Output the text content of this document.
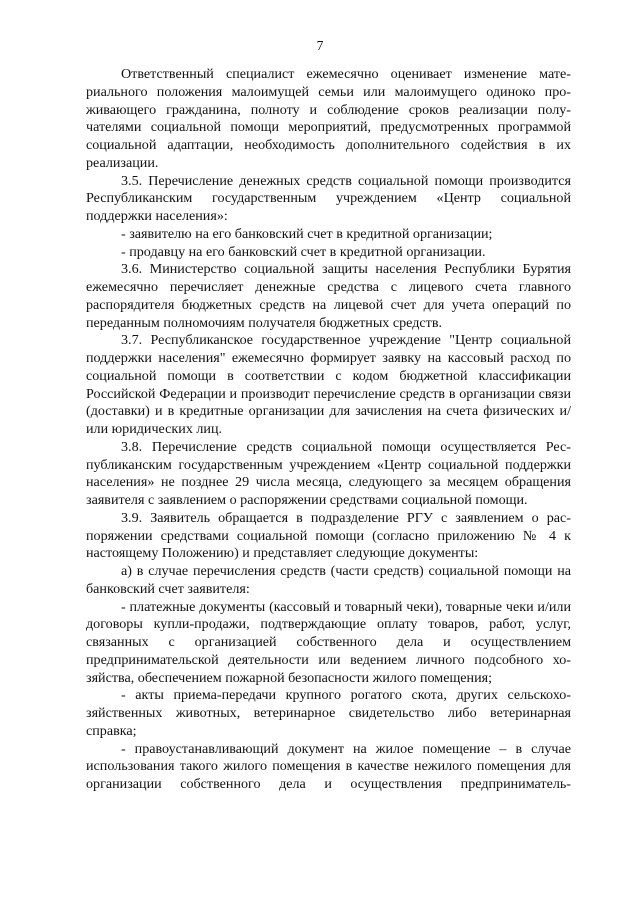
7

Ответственный специалист ежемесячно оценивает изменение материального положения малоимущей семьи или малоимущего одиноко проживающего гражданина, полноту и соблюдение сроков реализации получателями социальной помощи мероприятий, предусмотренных программой социальной адаптации, необходимость дополнительного содействия в их реализации.

3.5. Перечисление денежных средств социальной помощи производится Республиканским государственным учреждением «Центр социальной поддержки населения»:

- заявителю на его банковский счет в кредитной организации;

- продавцу на его банковский счет в кредитной организации.

3.6. Министерство социальной защиты населения Республики Бурятия ежемесячно перечисляет денежные средства с лицевого счета главного распорядителя бюджетных средств на лицевой счет для учета операций по переданным полномочиям получателя бюджетных средств.

3.7. Республиканское государственное учреждение "Центр социальной поддержки населения" ежемесячно формирует заявку на кассовый расход по социальной помощи в соответствии с кодом бюджетной классификации Российской Федерации и производит перечисление средств в организации связи (доставки) и в кредитные организации для зачисления на счета физических и/или юридических лиц.

3.8. Перечисление средств социальной помощи осуществляется Республиканским государственным учреждением «Центр социальной поддержки населения» не позднее 29 числа месяца, следующего за месяцем обращения заявителя с заявлением о распоряжении средствами социальной помощи.

3.9. Заявитель обращается в подразделение РГУ с заявлением о распоряжении средствами социальной помощи (согласно приложению № 4 к настоящему Положению) и представляет следующие документы:

а) в случае перечисления средств (части средств) социальной помощи на банковский счет заявителя:

- платежные документы (кассовый и товарный чеки), товарные чеки и/или договоры купли-продажи, подтверждающие оплату товаров, работ, услуг, связанных с организацией собственного дела и осуществлением предпринимательской деятельности или ведением личного подсобного хозяйства, обеспечением пожарной безопасности жилого помещения;

- акты приема-передачи крупного рогатого скота, других сельскохозяйственных животных, ветеринарное свидетельство либо ветеринарная справка;

- правоустанавливающий документ на жилое помещение – в случае использования такого жилого помещения в качестве нежилого помещения для организации собственного дела и осуществления предприниматель-
